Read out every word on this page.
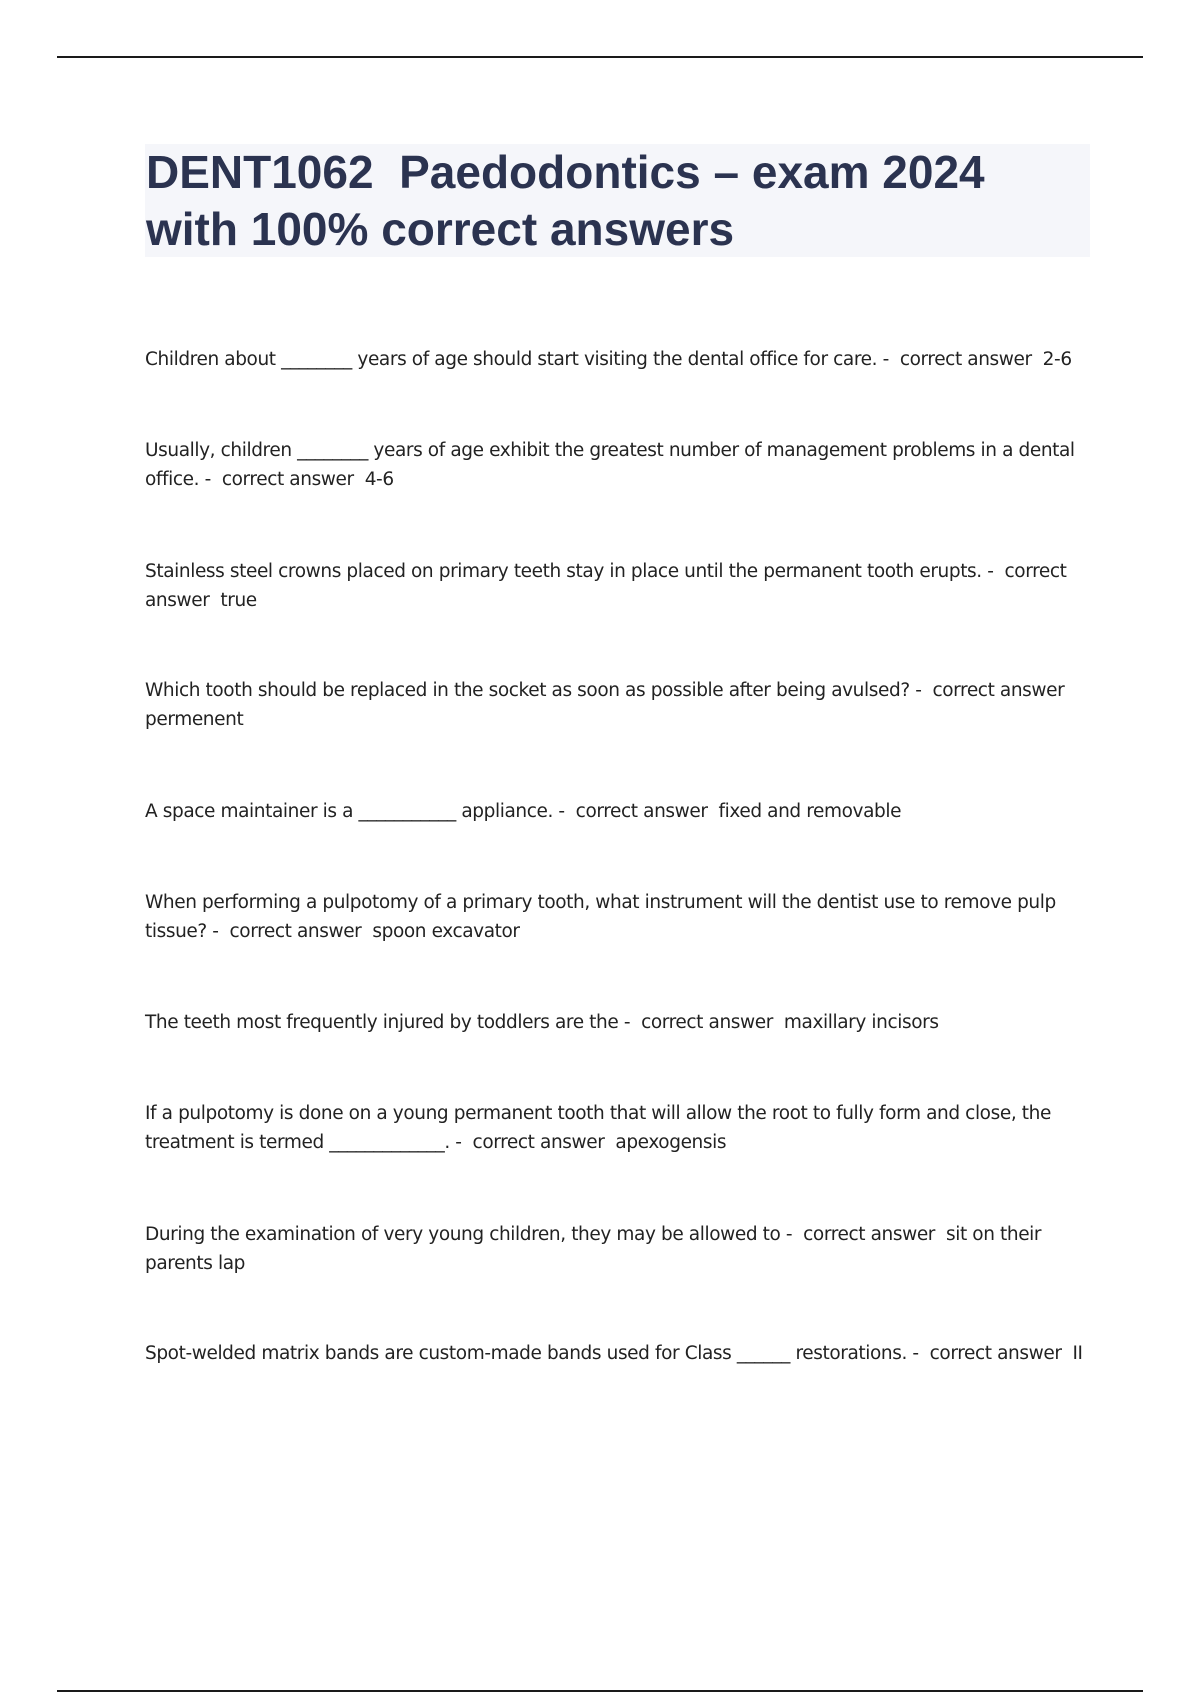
DENT1062  Paedodontics – exam 2024
with 100% correct answers

Children about ________ years of age should start visiting the dental office for care. -  correct answer  2-6

Usually, children ________ years of age exhibit the greatest number of management problems in a dental office. -  correct answer  4-6

Stainless steel crowns placed on primary teeth stay in place until the permanent tooth erupts. -  correct answer  true

Which tooth should be replaced in the socket as soon as possible after being avulsed? -  correct answer  permenent

A space maintainer is a ___________ appliance. -  correct answer  fixed and removable

When performing a pulpotomy of a primary tooth, what instrument will the dentist use to remove pulp tissue? -  correct answer  spoon excavator

The teeth most frequently injured by toddlers are the -  correct answer  maxillary incisors

If a pulpotomy is done on a young permanent tooth that will allow the root to fully form and close, the treatment is termed _____________. -  correct answer  apexogensis

During the examination of very young children, they may be allowed to -  correct answer  sit on their parents lap

Spot-welded matrix bands are custom-made bands used for Class ______ restorations. -  correct answer  II
